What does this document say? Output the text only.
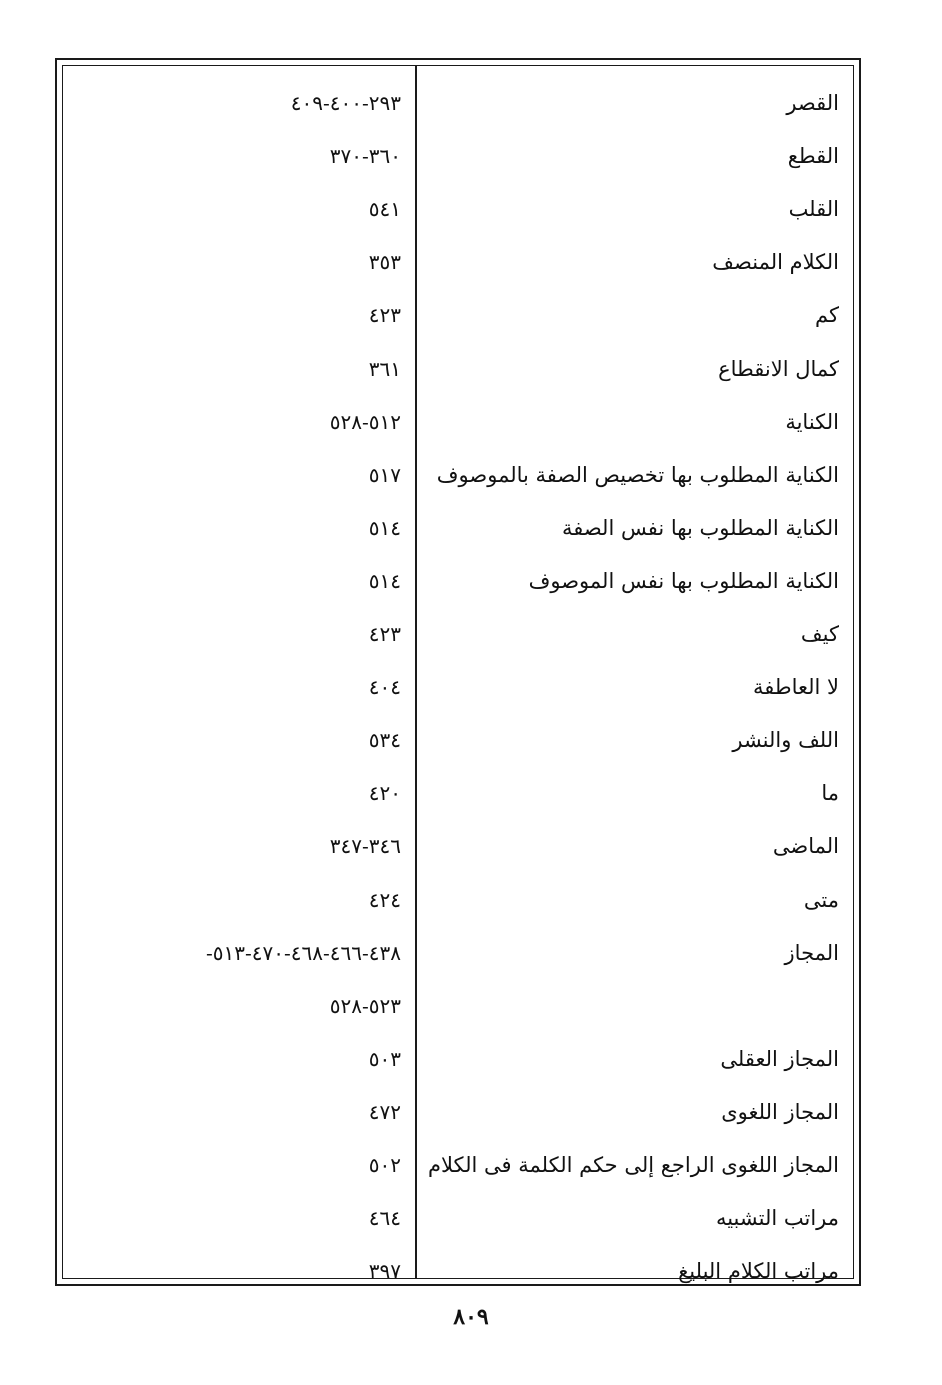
القصر
٢٩٣-٤٠٠-٤٠٩
القطع
٣٦٠-٣٧٠
القلب
٥٤١
الكلام المنصف
٣٥٣
كم
٤٢٣
كمال الانقطاع
٣٦١
الكناية
٥١٢-٥٢٨
الكناية المطلوب بها تخصيص الصفة بالموصوف
٥١٧
الكناية المطلوب بها نفس الصفة
٥١٤
الكناية المطلوب بها نفس الموصوف
٥١٤
كيف
٤٢٣
لا العاطفة
٤٠٤
اللف والنشر
٥٣٤
ما
٤٢٠
الماضى
٣٤٦-٣٤٧
متى
٤٢٤
المجاز
٤٣٨-٤٦٦-٤٦٨-٤٧٠-٥١٣-
٥٢٣-٥٢٨
المجاز العقلى
٥٠٣
المجاز اللغوى
٤٧٢
المجاز اللغوى الراجع إلى حكم الكلمة فى الكلام
٥٠٢
مراتب التشبيه
٤٦٤
مراتب الكلام البليغ
٣٩٧
٨٠٩
